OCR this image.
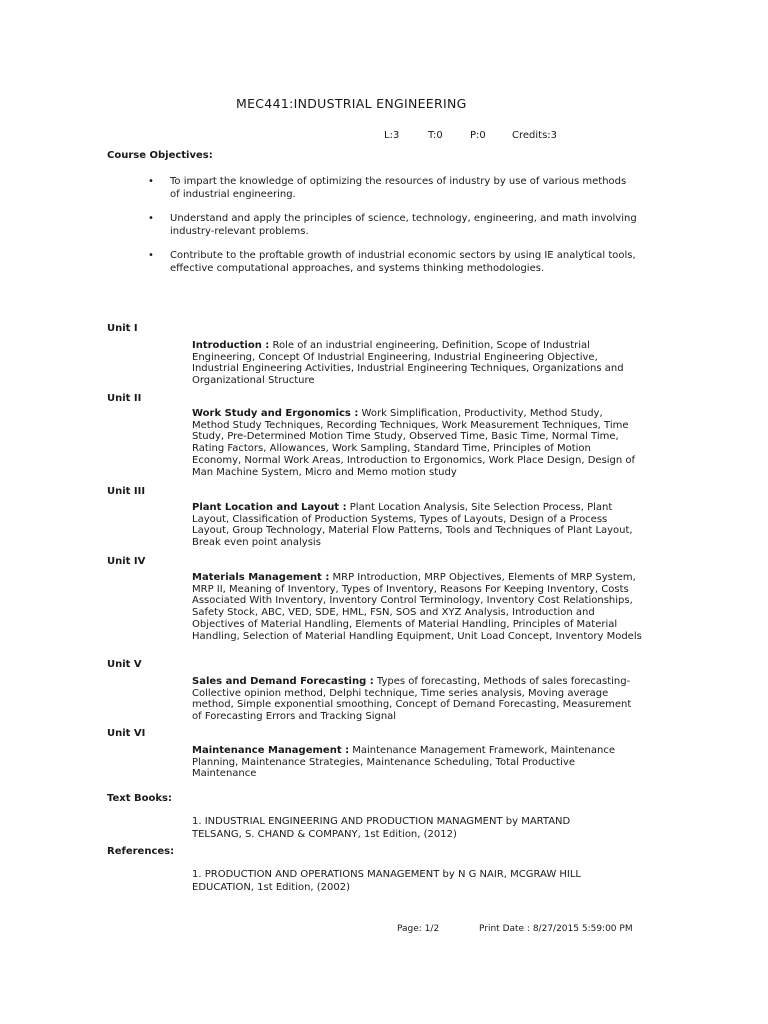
MEC441:INDUSTRIAL ENGINEERING
L:3	T:0	P:0	Credits:3
Course Objectives:
• To impart the knowledge of optimizing the resources of industry by use of various methods of industrial engineering.
• Understand and apply the principles of science, technology, engineering, and math involving industry-relevant problems.
• Contribute to the proftable growth of industrial economic sectors by using IE analytical tools, effective computational approaches, and systems thinking methodologies.
Unit I
Introduction : Role of an industrial engineering, Definition, Scope of Industrial Engineering, Concept Of Industrial Engineering, Industrial Engineering Objective, Industrial Engineering Activities, Industrial Engineering Techniques, Organizations and Organizational Structure
Unit II
Work Study and Ergonomics : Work Simplification, Productivity, Method Study, Method Study Techniques, Recording Techniques, Work Measurement Techniques, Time Study, Pre-Determined Motion Time Study, Observed Time, Basic Time, Normal Time, Rating Factors, Allowances, Work Sampling, Standard Time, Principles of Motion Economy, Normal Work Areas, Introduction to Ergonomics, Work Place Design, Design of Man Machine System, Micro and Memo motion study
Unit III
Plant Location and Layout : Plant Location Analysis, Site Selection Process, Plant Layout, Classification of Production Systems, Types of Layouts, Design of a Process Layout, Group Technology, Material Flow Patterns, Tools and Techniques of Plant Layout, Break even point analysis
Unit IV
Materials Management : MRP Introduction, MRP Objectives, Elements of MRP System, MRP II, Meaning of Inventory, Types of Inventory, Reasons For Keeping Inventory, Costs Associated With Inventory, Inventory Control Terminology, Inventory Cost Relationships, Safety Stock, ABC, VED, SDE, HML, FSN, SOS and XYZ Analysis, Introduction and Objectives of Material Handling, Elements of Material Handling, Principles of Material Handling, Selection of Material Handling Equipment, Unit Load Concept, Inventory Models
Unit V
Sales and Demand Forecasting : Types of forecasting, Methods of sales forecasting-Collective opinion method, Delphi technique, Time series analysis, Moving average method, Simple exponential smoothing, Concept of Demand Forecasting, Measurement of Forecasting Errors and Tracking Signal
Unit VI
Maintenance Management : Maintenance Management Framework, Maintenance Planning, Maintenance Strategies, Maintenance Scheduling, Total Productive Maintenance
Text Books:
1. INDUSTRIAL ENGINEERING AND PRODUCTION MANAGMENT by MARTAND TELSANG, S. CHAND & COMPANY, 1st Edition, (2012)
References:
1. PRODUCTION AND OPERATIONS MANAGEMENT by N G NAIR, MCGRAW HILL EDUCATION, 1st Edition, (2002)
Page: 1/2	Print Date : 8/27/2015 5:59:00 PM
